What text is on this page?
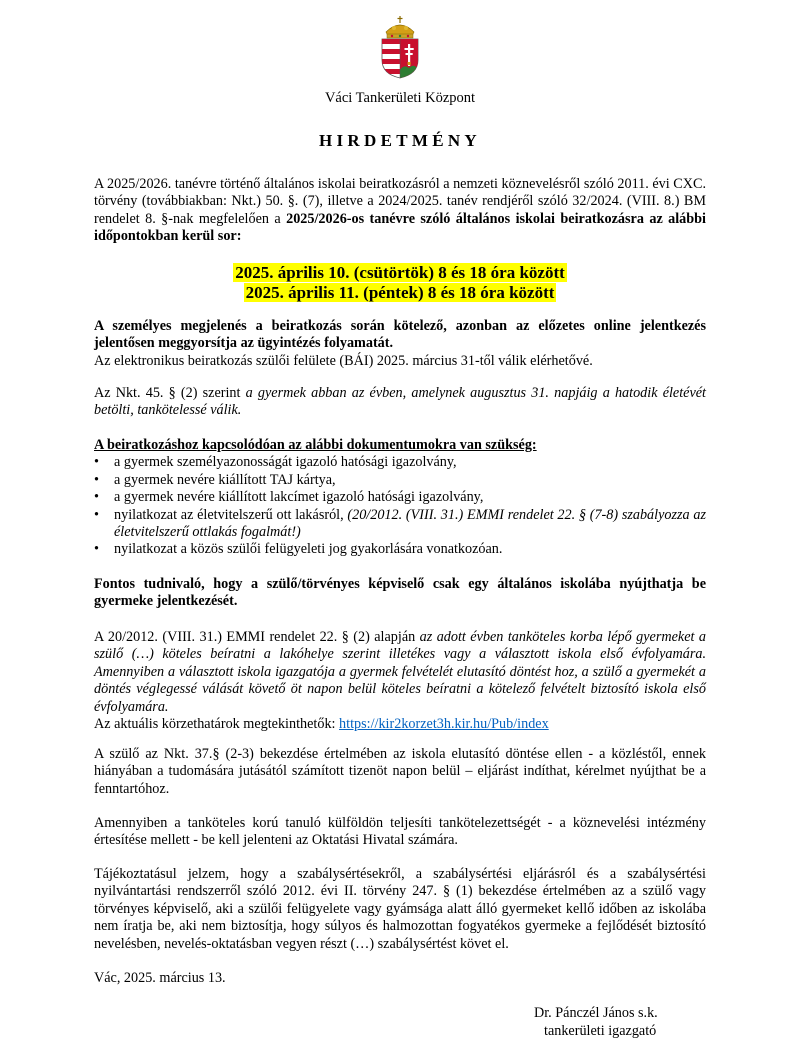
Váci Tankerületi Központ
HIRDETMÉNY
A 2025/2026. tanévre történő általános iskolai beiratkozásról a nemzeti köznevelésről szóló 2011. évi CXC. törvény (továbbiakban: Nkt.) 50. §. (7), illetve a 2024/2025. tanév rendjéről szóló 32/2024. (VIII. 8.) BM rendelet 8. §-nak megfelelően a 2025/2026-os tanévre szóló általános iskolai beiratkozásra az alábbi időpontokban kerül sor:
2025. április 10. (csütörtök) 8 és 18 óra között
2025. április 11. (péntek) 8 és 18 óra között
A személyes megjelenés a beiratkozás során kötelező, azonban az előzetes online jelentkezés jelentősen meggyorsítja az ügyintézés folyamatát.
Az elektronikus beiratkozás szülői felülete (BÁI) 2025. március 31-től válik elérhetővé.
Az Nkt. 45. § (2) szerint a gyermek abban az évben, amelynek augusztus 31. napjáig a hatodik életévét betölti, tankötelessé válik.
A beiratkozáshoz kapcsolódóan az alábbi dokumentumokra van szükség:
• a gyermek személyazonosságát igazoló hatósági igazolvány,
• a gyermek nevére kiállított TAJ kártya,
• a gyermek nevére kiállított lakcímet igazoló hatósági igazolvány,
• nyilatkozat az életvitelszerű ott lakásról, (20/2012. (VIII. 31.) EMMI rendelet 22. § (7-8) szabályozza az életvitelszerű ottlakás fogalmát!)
• nyilatkozat a közös szülői felügyeleti jog gyakorlására vonatkozóan.
Fontos tudnivaló, hogy a szülő/törvényes képviselő csak egy általános iskolába nyújthatja be gyermeke jelentkezését.
A 20/2012. (VIII. 31.) EMMI rendelet 22. § (2) alapján az adott évben tanköteles korba lépő gyermeket a szülő (…) köteles beíratni a lakóhelye szerint illetékes vagy a választott iskola első évfolyamára. Amennyiben a választott iskola igazgatója a gyermek felvételét elutasító döntést hoz, a szülő a gyermekét a döntés véglegessé válását követő öt napon belül köteles beíratni a kötelező felvételt biztosító iskola első évfolyamára.
Az aktuális körzethatárok megtekinthetők: https://kir2korzet3h.kir.hu/Pub/index
A szülő az Nkt. 37.§ (2-3) bekezdése értelmében az iskola elutasító döntése ellen - a közléstől, ennek hiányában a tudomására jutásától számított tizenöt napon belül – eljárást indíthat, kérelmet nyújthat be a fenntartóhoz.
Amennyiben a tanköteles korú tanuló külföldön teljesíti tankötelezettségét - a köznevelési intézmény értesítése mellett - be kell jelenteni az Oktatási Hivatal számára.
Tájékoztatásul jelzem, hogy a szabálysértésekről, a szabálysértési eljárásról és a szabálysértési nyilvántartási rendszerről szóló 2012. évi II. törvény 247. § (1) bekezdése értelmében az a szülő vagy törvényes képviselő, aki a szülői felügyelete vagy gyámsága alatt álló gyermeket kellő időben az iskolába nem íratja be, aki nem biztosítja, hogy súlyos és halmozottan fogyatékos gyermeke a fejlődését biztosító nevelésben, nevelés-oktatásban vegyen részt (…) szabálysértést követ el.
Vác, 2025. március 13.
Dr. Pánczél János s.k.
tankerületi igazgató
